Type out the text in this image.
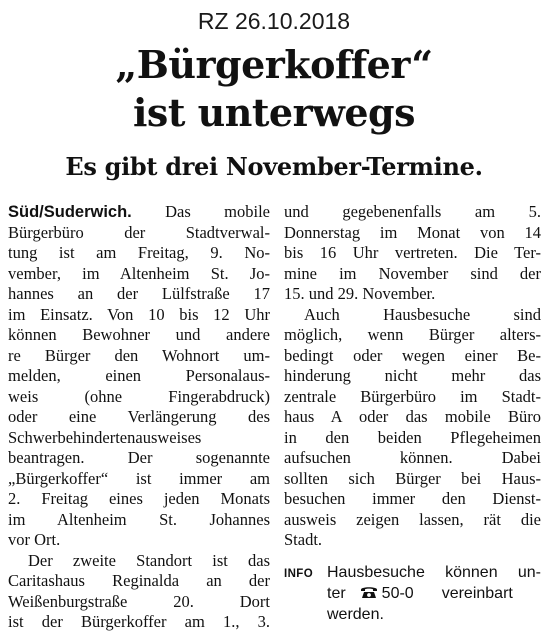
RZ 26.10.2018
„Bürgerkoffer“
ist unterwegs
Es gibt drei November-Termine.
Süd/Suderwich. Das mobile
Bürgerbüro der Stadtverwal-
tung ist am Freitag, 9. No-
vember, im Altenheim St. Jo-
hannes an der Lülfstraße 17
im Einsatz. Von 10 bis 12 Uhr
können Bewohner und andere
re Bürger den Wohnort um-
melden, einen Personalaus-
weis (ohne Fingerabdruck)
oder eine Verlängerung des
Schwerbehindertenausweises
beantragen. Der sogenannte
„Bürgerkoffer“ ist immer am
2. Freitag eines jeden Monats
im Altenheim St. Johannes
vor Ort.
Der zweite Standort ist das
Caritashaus Reginalda an der
Weißenburgstraße 20. Dort
ist der Bürgerkoffer am 1., 3.
und gegebenenfalls am 5.
Donnerstag im Monat von 14
bis 16 Uhr vertreten. Die Ter-
mine im November sind der
15. und 29. November.
Auch Hausbesuche sind
möglich, wenn Bürger alters-
bedingt oder wegen einer Be-
hinderung nicht mehr das
zentrale Bürgerbüro im Stadt-
haus A oder das mobile Büro
in den beiden Pflegeheimen
aufsuchen können. Dabei
sollten sich Bürger bei Haus-
besuchen immer den Dienst-
ausweis zeigen lassen, rät die
Stadt.
INFO Hausbesuche können un-
ter 50-0 vereinbart
werden.
